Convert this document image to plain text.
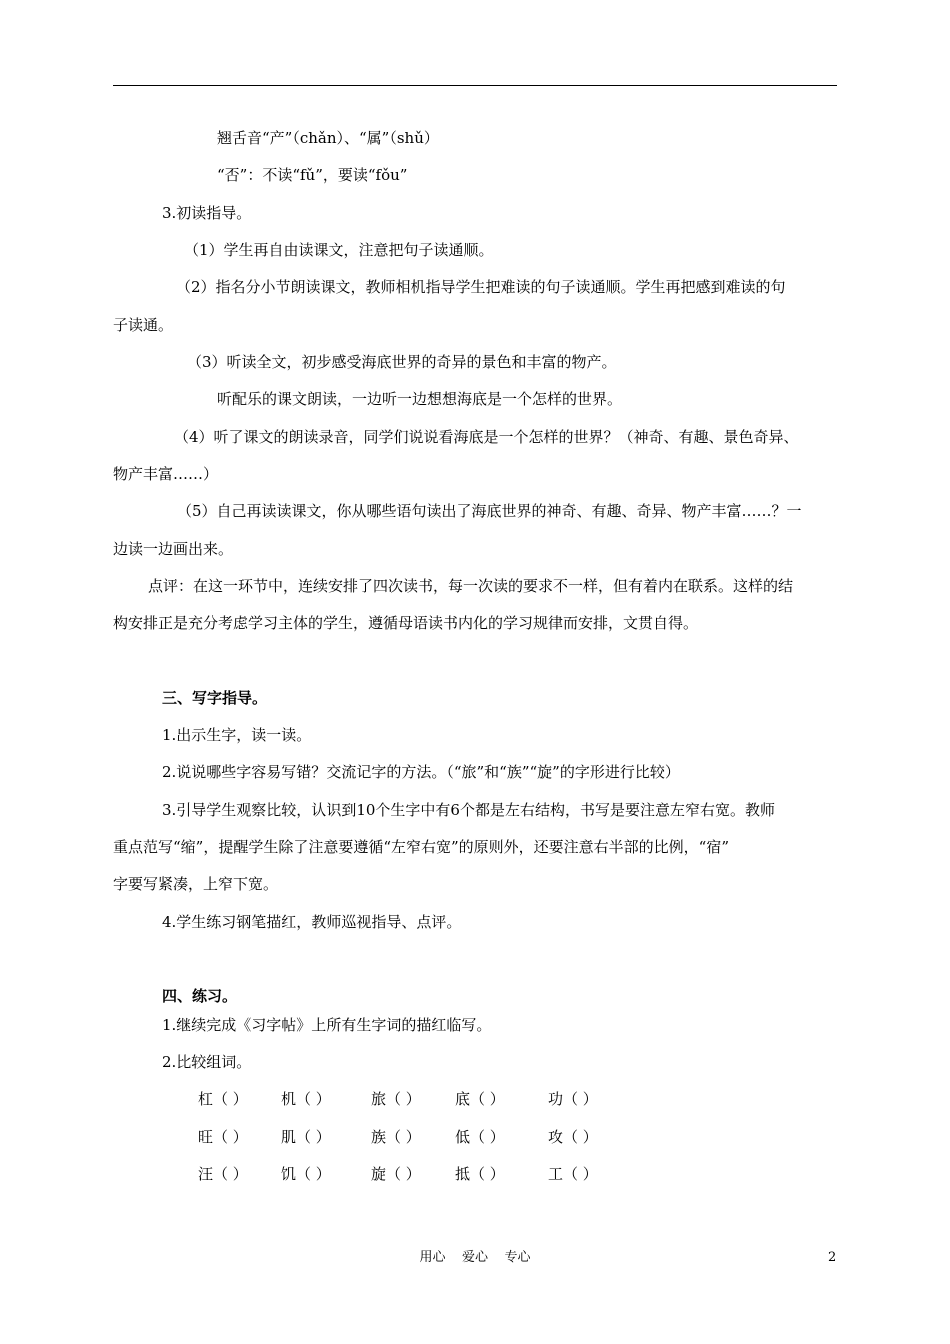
翘舌音“产”（chǎn）、“属”（shǔ）
“否”：不读“fǔ”，要读“fǒu”
3.初读指导。
（1）学生再自由读课文，注意把句子读通顺。
（2）指名分小节朗读课文，教师相机指导学生把难读的句子读通顺。学生再把感到难读的句
子读通。
（3）听读全文，初步感受海底世界的奇异的景色和丰富的物产。
听配乐的课文朗读，一边听一边想想海底是一个怎样的世界。
（4）听了课文的朗读录音，同学们说说看海底是一个怎样的世界？（神奇、有趣、景色奇异、
物产丰富……）
（5）自己再读读课文，你从哪些语句读出了海底世界的神奇、有趣、奇异、物产丰富……？一
边读一边画出来。
点评：在这一环节中，连续安排了四次读书，每一次读的要求不一样，但有着内在联系。这样的结
构安排正是充分考虑学习主体的学生，遵循母语读书内化的学习规律而安排，文贯自得。
三、写字指导。
1.出示生字，读一读。
2.说说哪些字容易写错？交流记字的方法。（“旅”和“族”“旋”的字形进行比较）
3.引导学生观察比较，认识到10个生字中有6个都是左右结构，书写是要注意左窄右宽。教师
重点范写“缩”，提醒学生除了注意要遵循“左窄右宽”的原则外，还要注意右半部的比例，“宿”
字要写紧凑，上窄下宽。
4.学生练习钢笔描红，教师巡视指导、点评。
四、练习。
1.继续完成《习字帖》上所有生字词的描红临写。
2.比较组词。
杠（ ） 机（ ）	旅（ ） 底（ ）	功（ ）
旺（ ） 肌（ ）	族（ ） 低（ ）	攻（ ）
汪（ ） 饥（ ）	旋（ ） 抵（ ）	工（ ）
用心    爱心    专心	2
